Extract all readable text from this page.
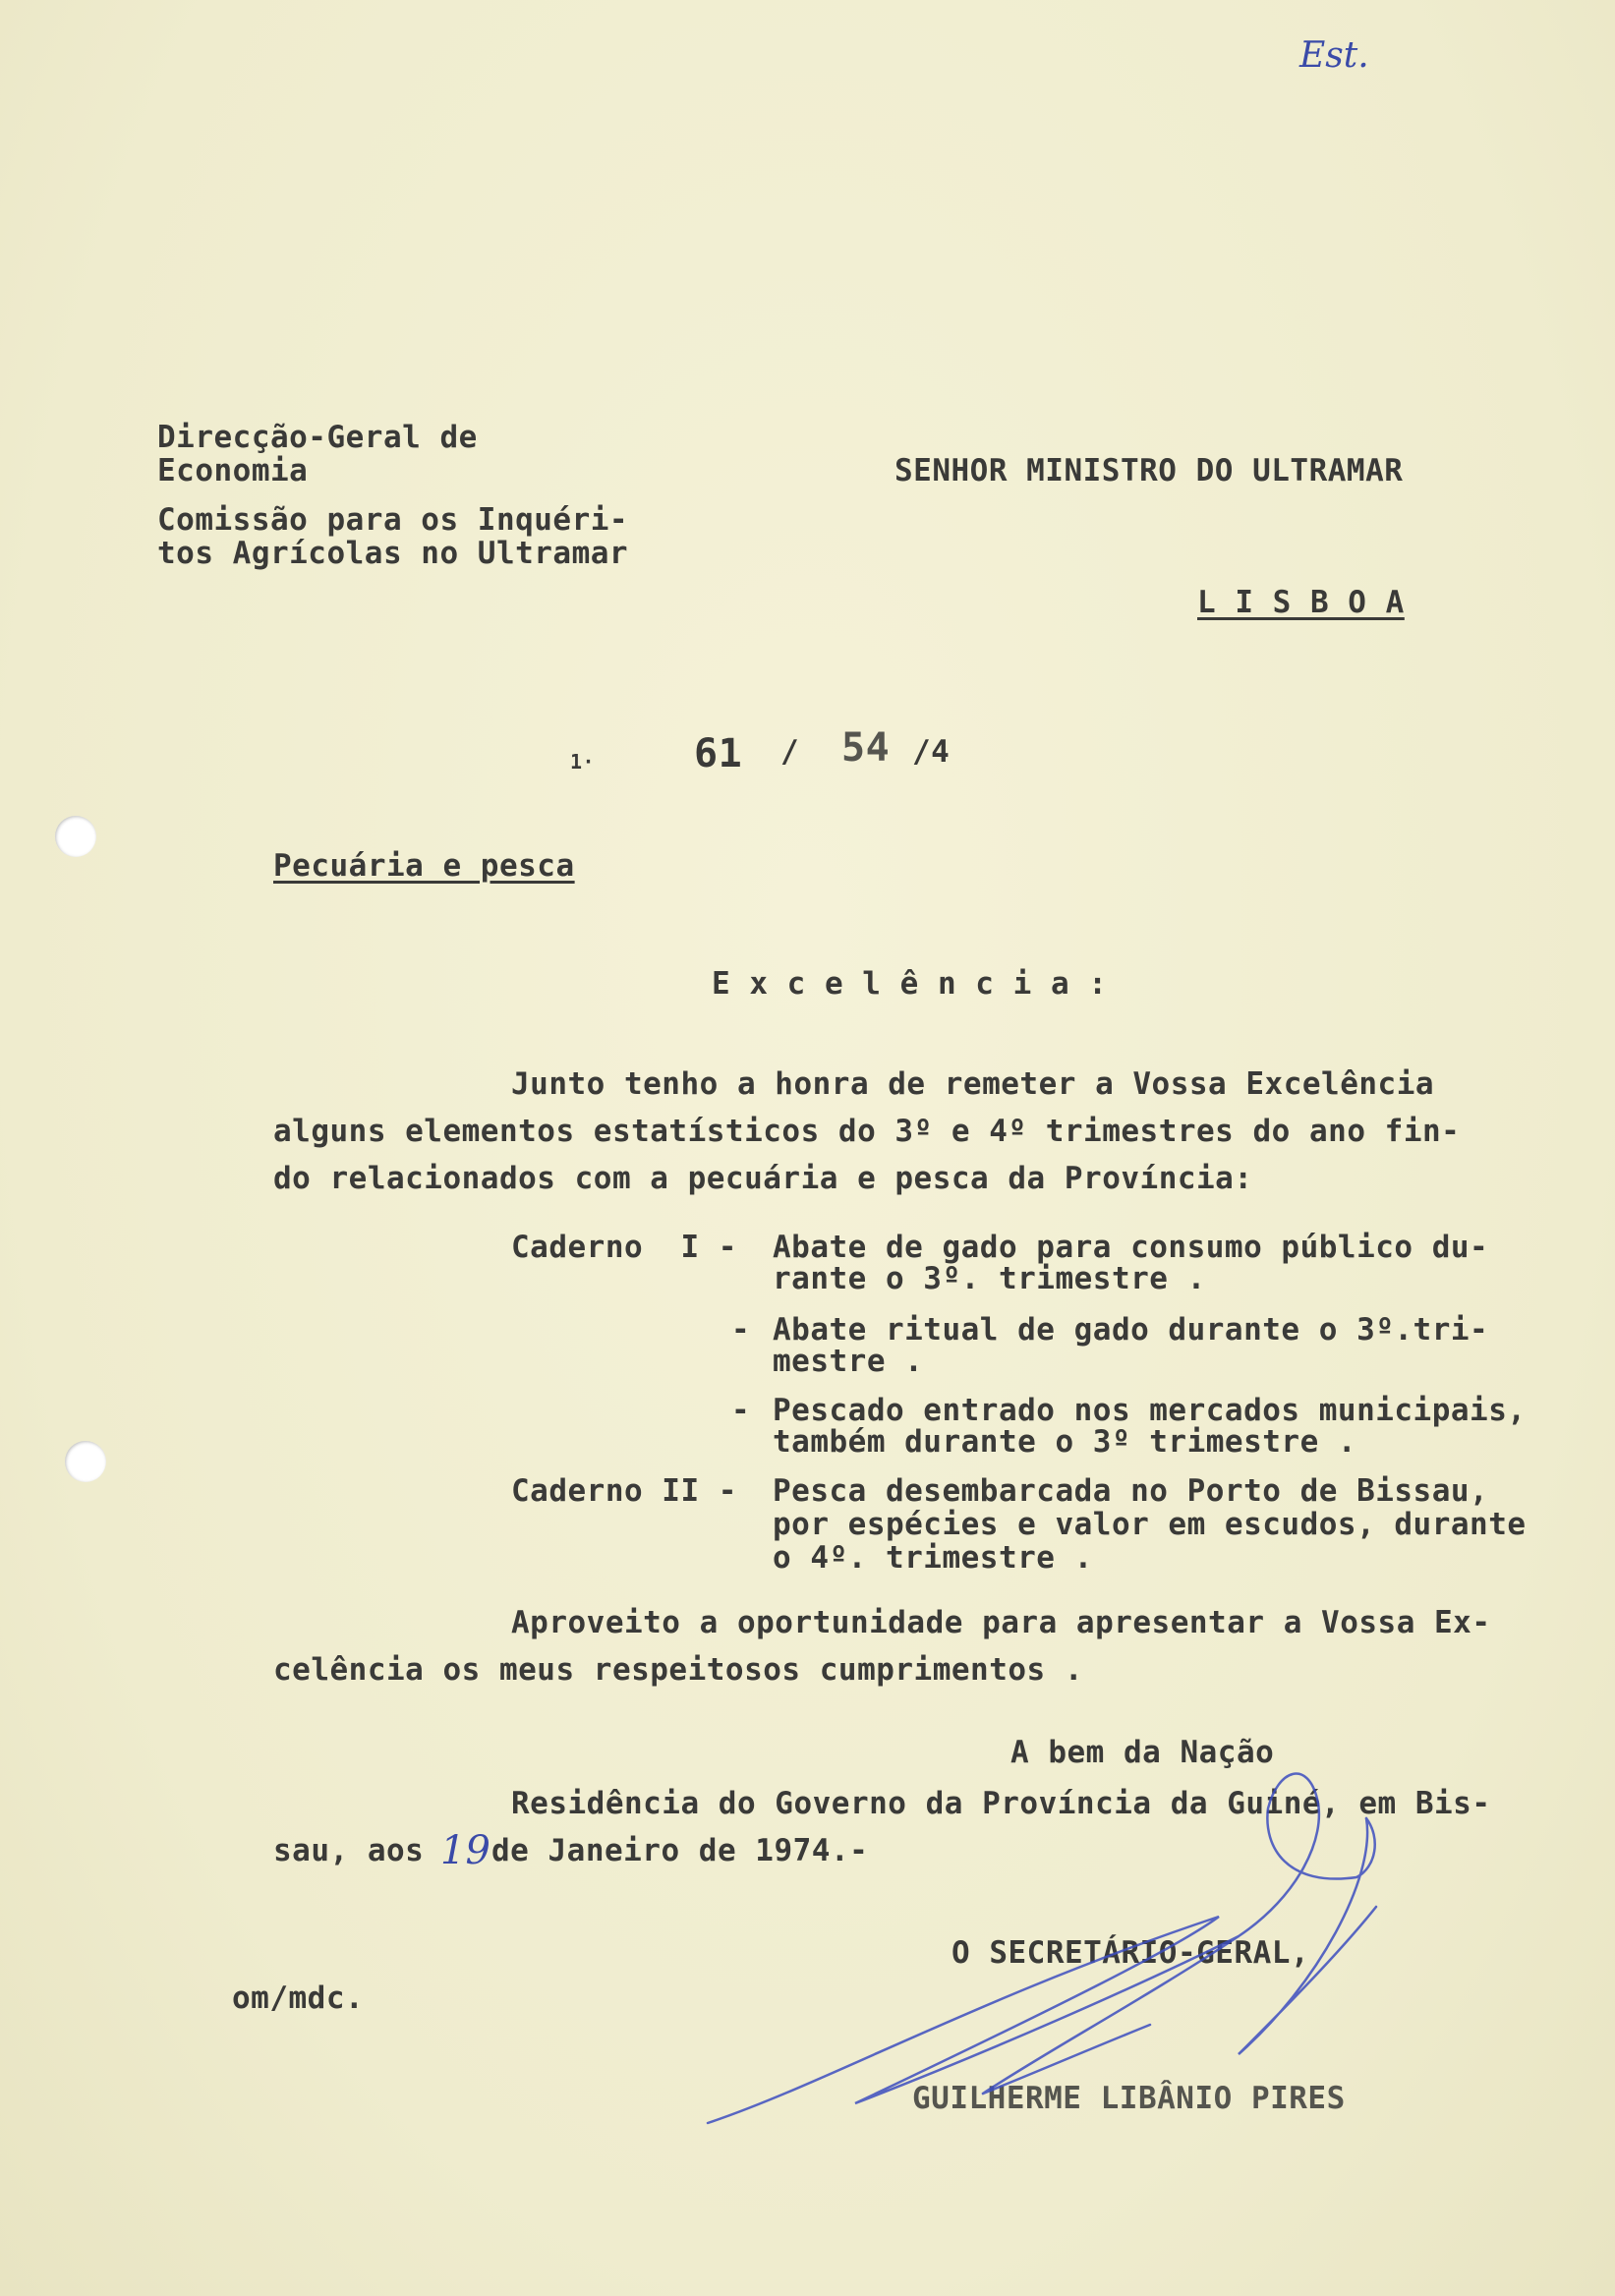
Est.
Direcção-Geral de
Economia
Comissão para os Inquéri-
tos Agrícolas no Ultramar
SENHOR MINISTRO DO ULTRAMAR
L I S B O A
1·	61 / 54 /4
Pecuária e pesca
E x c e l ê n c i a :
Junto tenho a honra de remeter a Vossa Excelência
alguns elementos estatísticos do 3º e 4º trimestres do ano fin-
do relacionados com a pecuária e pesca da Província:
Caderno  I - Abate de gado para consumo público du-
rante o 3º. trimestre .
- Abate ritual de gado durante o 3º.tri-
mestre .
- Pescado entrado nos mercados municipais,
também durante o 3º trimestre .
Caderno II - Pesca desembarcada no Porto de Bissau,
por espécies e valor em escudos, durante
o 4º. trimestre .
Aproveito a oportunidade para apresentar a Vossa Ex-
celência os meus respeitosos cumprimentos .
A bem da Nação
Residência do Governo da Província da Guiné, em Bis-
sau, aos 19 de Janeiro de 1974.-
O SECRETÁRIO-GERAL,
om/mdc.
GUILHERME LIBÂNIO PIRES
